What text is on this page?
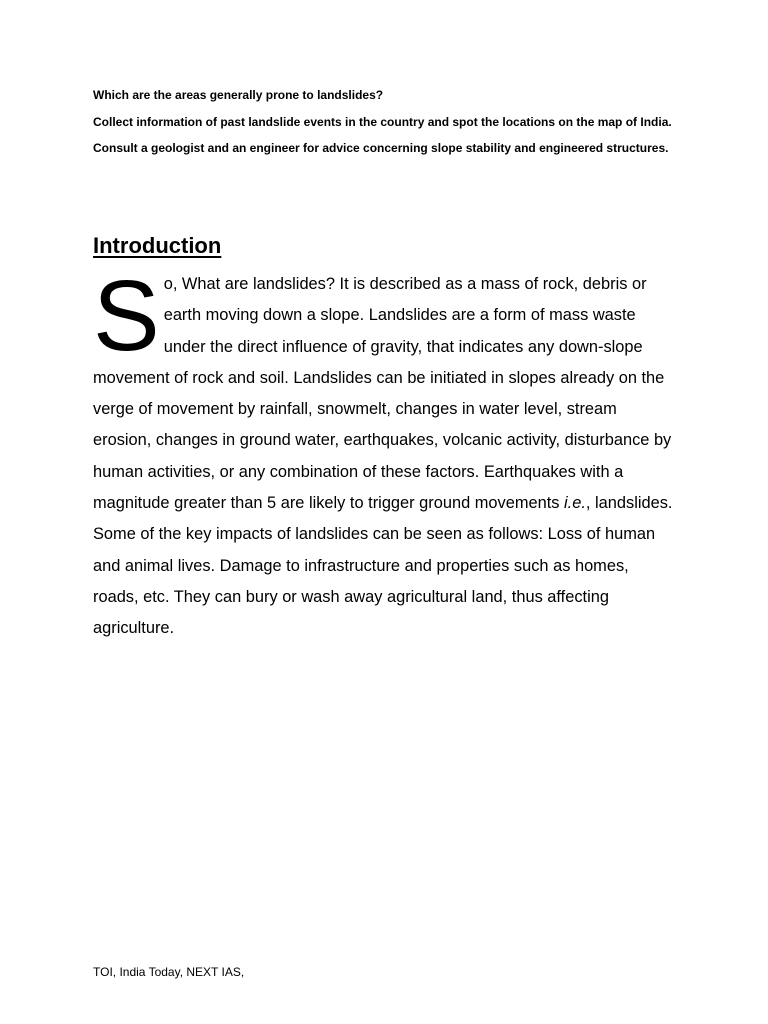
Which are the areas generally prone to landslides?

Collect information of past landslide events in the country and spot the locations on the map of India.

Consult a geologist and an engineer for advice concerning slope stability and engineered structures.

Introduction

So, What are landslides? It is described as a mass of rock, debris or earth moving down a slope. Landslides are a form of mass waste under the direct influence of gravity, that indicates any down-slope movement of rock and soil. Landslides can be initiated in slopes already on the verge of movement by rainfall, snowmelt, changes in water level, stream erosion, changes in ground water, earthquakes, volcanic activity, disturbance by human activities, or any combination of these factors. Earthquakes with a magnitude greater than 5 are likely to trigger ground movements i.e., landslides. Some of the key impacts of landslides can be seen as follows: Loss of human and animal lives. Damage to infrastructure and properties such as homes, roads, etc. They can bury or wash away agricultural land, thus affecting agriculture.

TOI, India Today, NEXT IAS,
